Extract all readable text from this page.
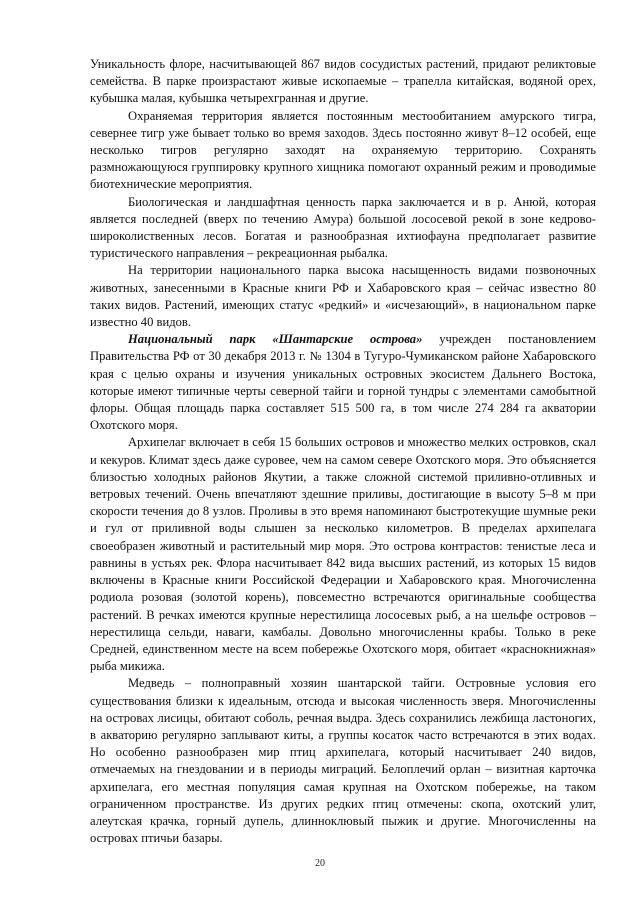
Уникальность флоре, насчитывающей 867 видов сосудистых растений, придают реликтовые семейства. В парке произрастают живые ископаемые – трапелла китайская, водяной орех, кубышка малая, кубышка четырехгранная и другие.

Охраняемая территория является постоянным местообитанием амурского тигра, севернее тигр уже бывает только во время заходов. Здесь постоянно живут 8–12 особей, еще несколько тигров регулярно заходят на охраняемую территорию. Сохранять размножающуюся группировку крупного хищника помогают охранный режим и проводимые биотехнические мероприятия.

Биологическая и ландшафтная ценность парка заключается и в р. Анюй, которая является последней (вверх по течению Амура) большой лососевой рекой в зоне кедрово-широколиственных лесов. Богатая и разнообразная ихтиофауна предполагает развитие туристического направления – рекреационная рыбалка.

На территории национального парка высока насыщенность видами позвоночных животных, занесенными в Красные книги РФ и Хабаровского края – сейчас известно 80 таких видов. Растений, имеющих статус «редкий» и «исчезающий», в национальном парке известно 40 видов.

Национальный парк «Шантарские острова» учрежден постановлением Правительства РФ от 30 декабря 2013 г. № 1304 в Тугуро-Чумиканском районе Хабаровского края с целью охраны и изучения уникальных островных экосистем Дальнего Востока, которые имеют типичные черты северной тайги и горной тундры с элементами самобытной флоры. Общая площадь парка составляет 515 500 га, в том числе 274 284 га акватории Охотского моря.

Архипелаг включает в себя 15 больших островов и множество мелких островков, скал и кекуров. Климат здесь даже суровее, чем на самом севере Охотского моря. Это объясняется близостью холодных районов Якутии, а также сложной системой приливно-отливных и ветровых течений. Очень впечатляют здешние приливы, достигающие в высоту 5–8 м при скорости течения до 8 узлов. Проливы в это время напоминают быстротекущие шумные реки и гул от приливной воды слышен за несколько километров. В пределах архипелага своеобразен животный и растительный мир моря. Это острова контрастов: тенистые леса и равнины в устьях рек. Флора насчитывает 842 вида высших растений, из которых 15 видов включены в Красные книги Российской Федерации и Хабаровского края. Многочисленна родиола розовая (золотой корень), повсеместно встречаются оригинальные сообщества растений. В речках имеются крупные нерестилища лососевых рыб, а на шельфе островов – нерестилища сельди, наваги, камбалы. Довольно многочисленны крабы. Только в реке Средней, единственном месте на всем побережье Охотского моря, обитает «краснокнижная» рыба микижа.

Медведь – полноправный хозяин шантарской тайги. Островные условия его существования близки к идеальным, отсюда и высокая численность зверя. Многочисленны на островах лисицы, обитают соболь, речная выдра. Здесь сохранились лежбища ластоногих, в акваторию регулярно заплывают киты, а группы косаток часто встречаются в этих водах. Но особенно разнообразен мир птиц архипелага, который насчитывает 240 видов, отмечаемых на гнездовании и в периоды миграций. Белоплечий орлан – визитная карточка архипелага, его местная популяция самая крупная на Охотском побережье, на таком ограниченном пространстве. Из других редких птиц отмечены: скопа, охотский улит, алеутская крачка, горный дупель, длинноклювый пыжик и другие. Многочисленны на островах птичьи базары.

20
